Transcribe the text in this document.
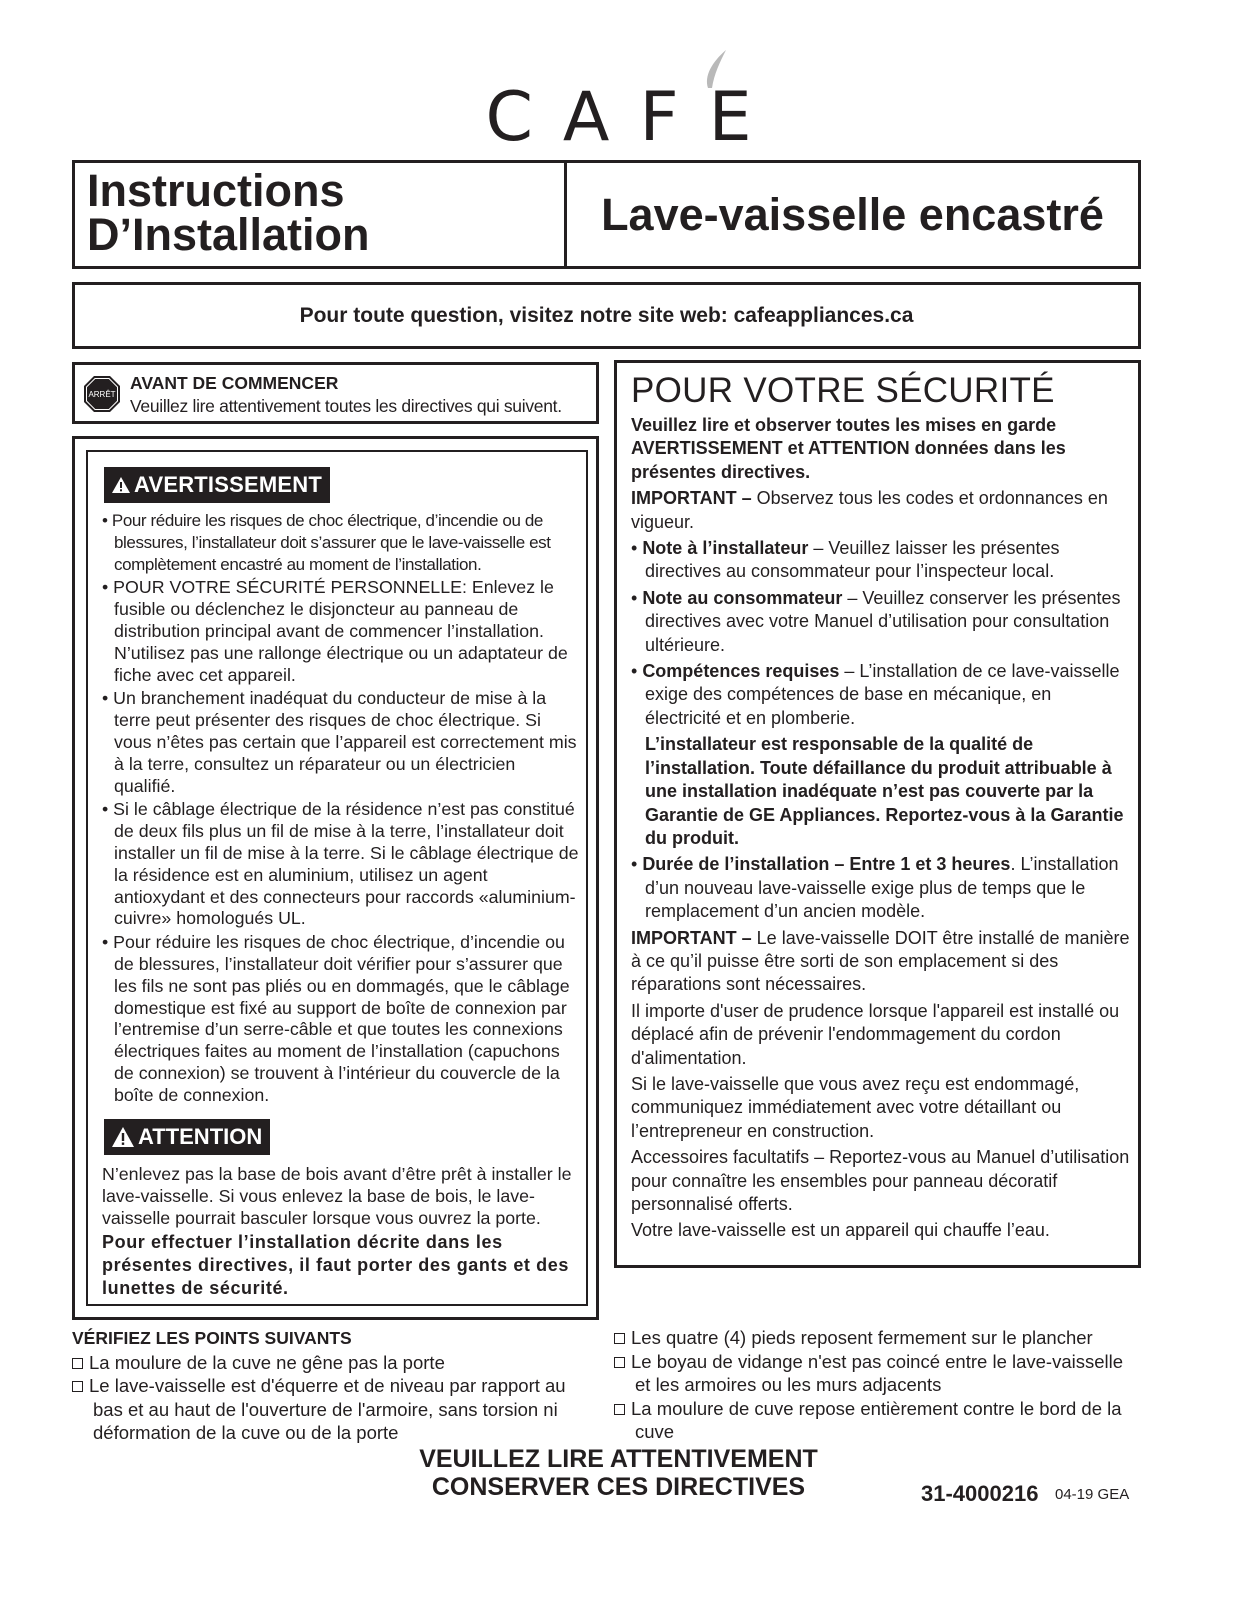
CAFE
Instructions
D’Installation	Lave-vaisselle encastré
Pour toute question, visitez notre site web: cafeappliances.ca
ARRÊT
AVANT DE COMMENCER
Veuillez lire attentivement toutes les directives qui suivent.
AVERTISSEMENT
• Pour réduire les risques de choc électrique, d’incendie ou de blessures, l’installateur doit s’assurer que le lave-vaisselle est complètement encastré au moment de l’installation.
• POUR VOTRE SÉCURITÉ PERSONNELLE: Enlevez le fusible ou déclenchez le disjoncteur au panneau de distribution principal avant de commencer l’installation. N’utilisez pas une rallonge électrique ou un adaptateur de fiche avec cet appareil.
• Un branchement inadéquat du conducteur de mise à la terre peut présenter des risques de choc électrique. Si vous n’êtes pas certain que l’appareil est correctement mis à la terre, consultez un réparateur ou un électricien qualifié.
• Si le câblage électrique de la résidence n’est pas constitué de deux fils plus un fil de mise à la terre, l’installateur doit installer un fil de mise à la terre. Si le câblage électrique de la résidence est en aluminium, utilisez un agent antioxydant et des connecteurs pour raccords «aluminium-cuivre» homologués UL.
• Pour réduire les risques de choc électrique, d’incendie ou de blessures, l’installateur doit vérifier pour s’assurer que les fils ne sont pas pliés ou en dommagés, que le câblage domestique est fixé au support de boîte de connexion par l’entremise d’un serre-câble et que toutes les connexions électriques faites au moment de l’installation (capuchons de connexion) se trouvent à l’intérieur du couvercle de la boîte de connexion.
ATTENTION
N’enlevez pas la base de bois avant d’être prêt à installer le lave-vaisselle. Si vous enlevez la base de bois, le lave-vaisselle pourrait basculer lorsque vous ouvrez la porte.
Pour effectuer l’installation décrite dans les présentes directives, il faut porter des gants et des lunettes de sécurité.
POUR VOTRE SÉCURITÉ

Veuillez lire et observer toutes les mises en garde AVERTISSEMENT et ATTENTION données dans les présentes directives.

IMPORTANT – Observez tous les codes et ordonnances en vigueur.

• Note à l’installateur – Veuillez laisser les présentes directives au consommateur pour l’inspecteur local.

• Note au consommateur – Veuillez conserver les présentes directives avec votre Manuel d’utilisation pour consultation ultérieure.

• Compétences requises – L’installation de ce lave-vaisselle exige des compétences de base en mécanique, en électricité et en plomberie.

L’installateur est responsable de la qualité de l’installation. Toute défaillance du produit attribuable à une installation inadéquate n’est pas couverte par la Garantie de GE Appliances. Reportez-vous à la Garantie du produit.

• Durée de l’installation – Entre 1 et 3 heures. L’installation d’un nouveau lave-vaisselle exige plus de temps que le remplacement d’un ancien modèle.

IMPORTANT – Le lave-vaisselle DOIT être installé de manière à ce qu’il puisse être sorti de son emplacement si des réparations sont nécessaires.

Il importe d'user de prudence lorsque l'appareil est installé ou déplacé afin de prévenir l'endommagement du cordon d'alimentation.

Si le lave-vaisselle que vous avez reçu est endommagé, communiquez immédiatement avec votre détaillant ou l’entrepreneur en construction.

Accessoires facultatifs – Reportez-vous au Manuel d’utilisation pour connaître les ensembles pour panneau décoratif personnalisé offerts.

Votre lave-vaisselle est un appareil qui chauffe l’eau.

VÉRIFIEZ LES POINTS SUIVANTS
La moulure de la cuve ne gêne pas la porte
Le lave-vaisselle est d'équerre et de niveau par rapport au bas et au haut de l'ouverture de l'armoire, sans torsion ni déformation de la cuve ou de la porte
Les quatre (4) pieds reposent fermement sur le plancher
Le boyau de vidange n'est pas coincé entre le lave-vaisselle et les armoires ou les murs adjacents
La moulure de cuve repose entièrement contre le bord de la cuve
VEUILLEZ LIRE ATTENTIVEMENT
CONSERVER CES DIRECTIVES	31-4000216 04-19 GEA
